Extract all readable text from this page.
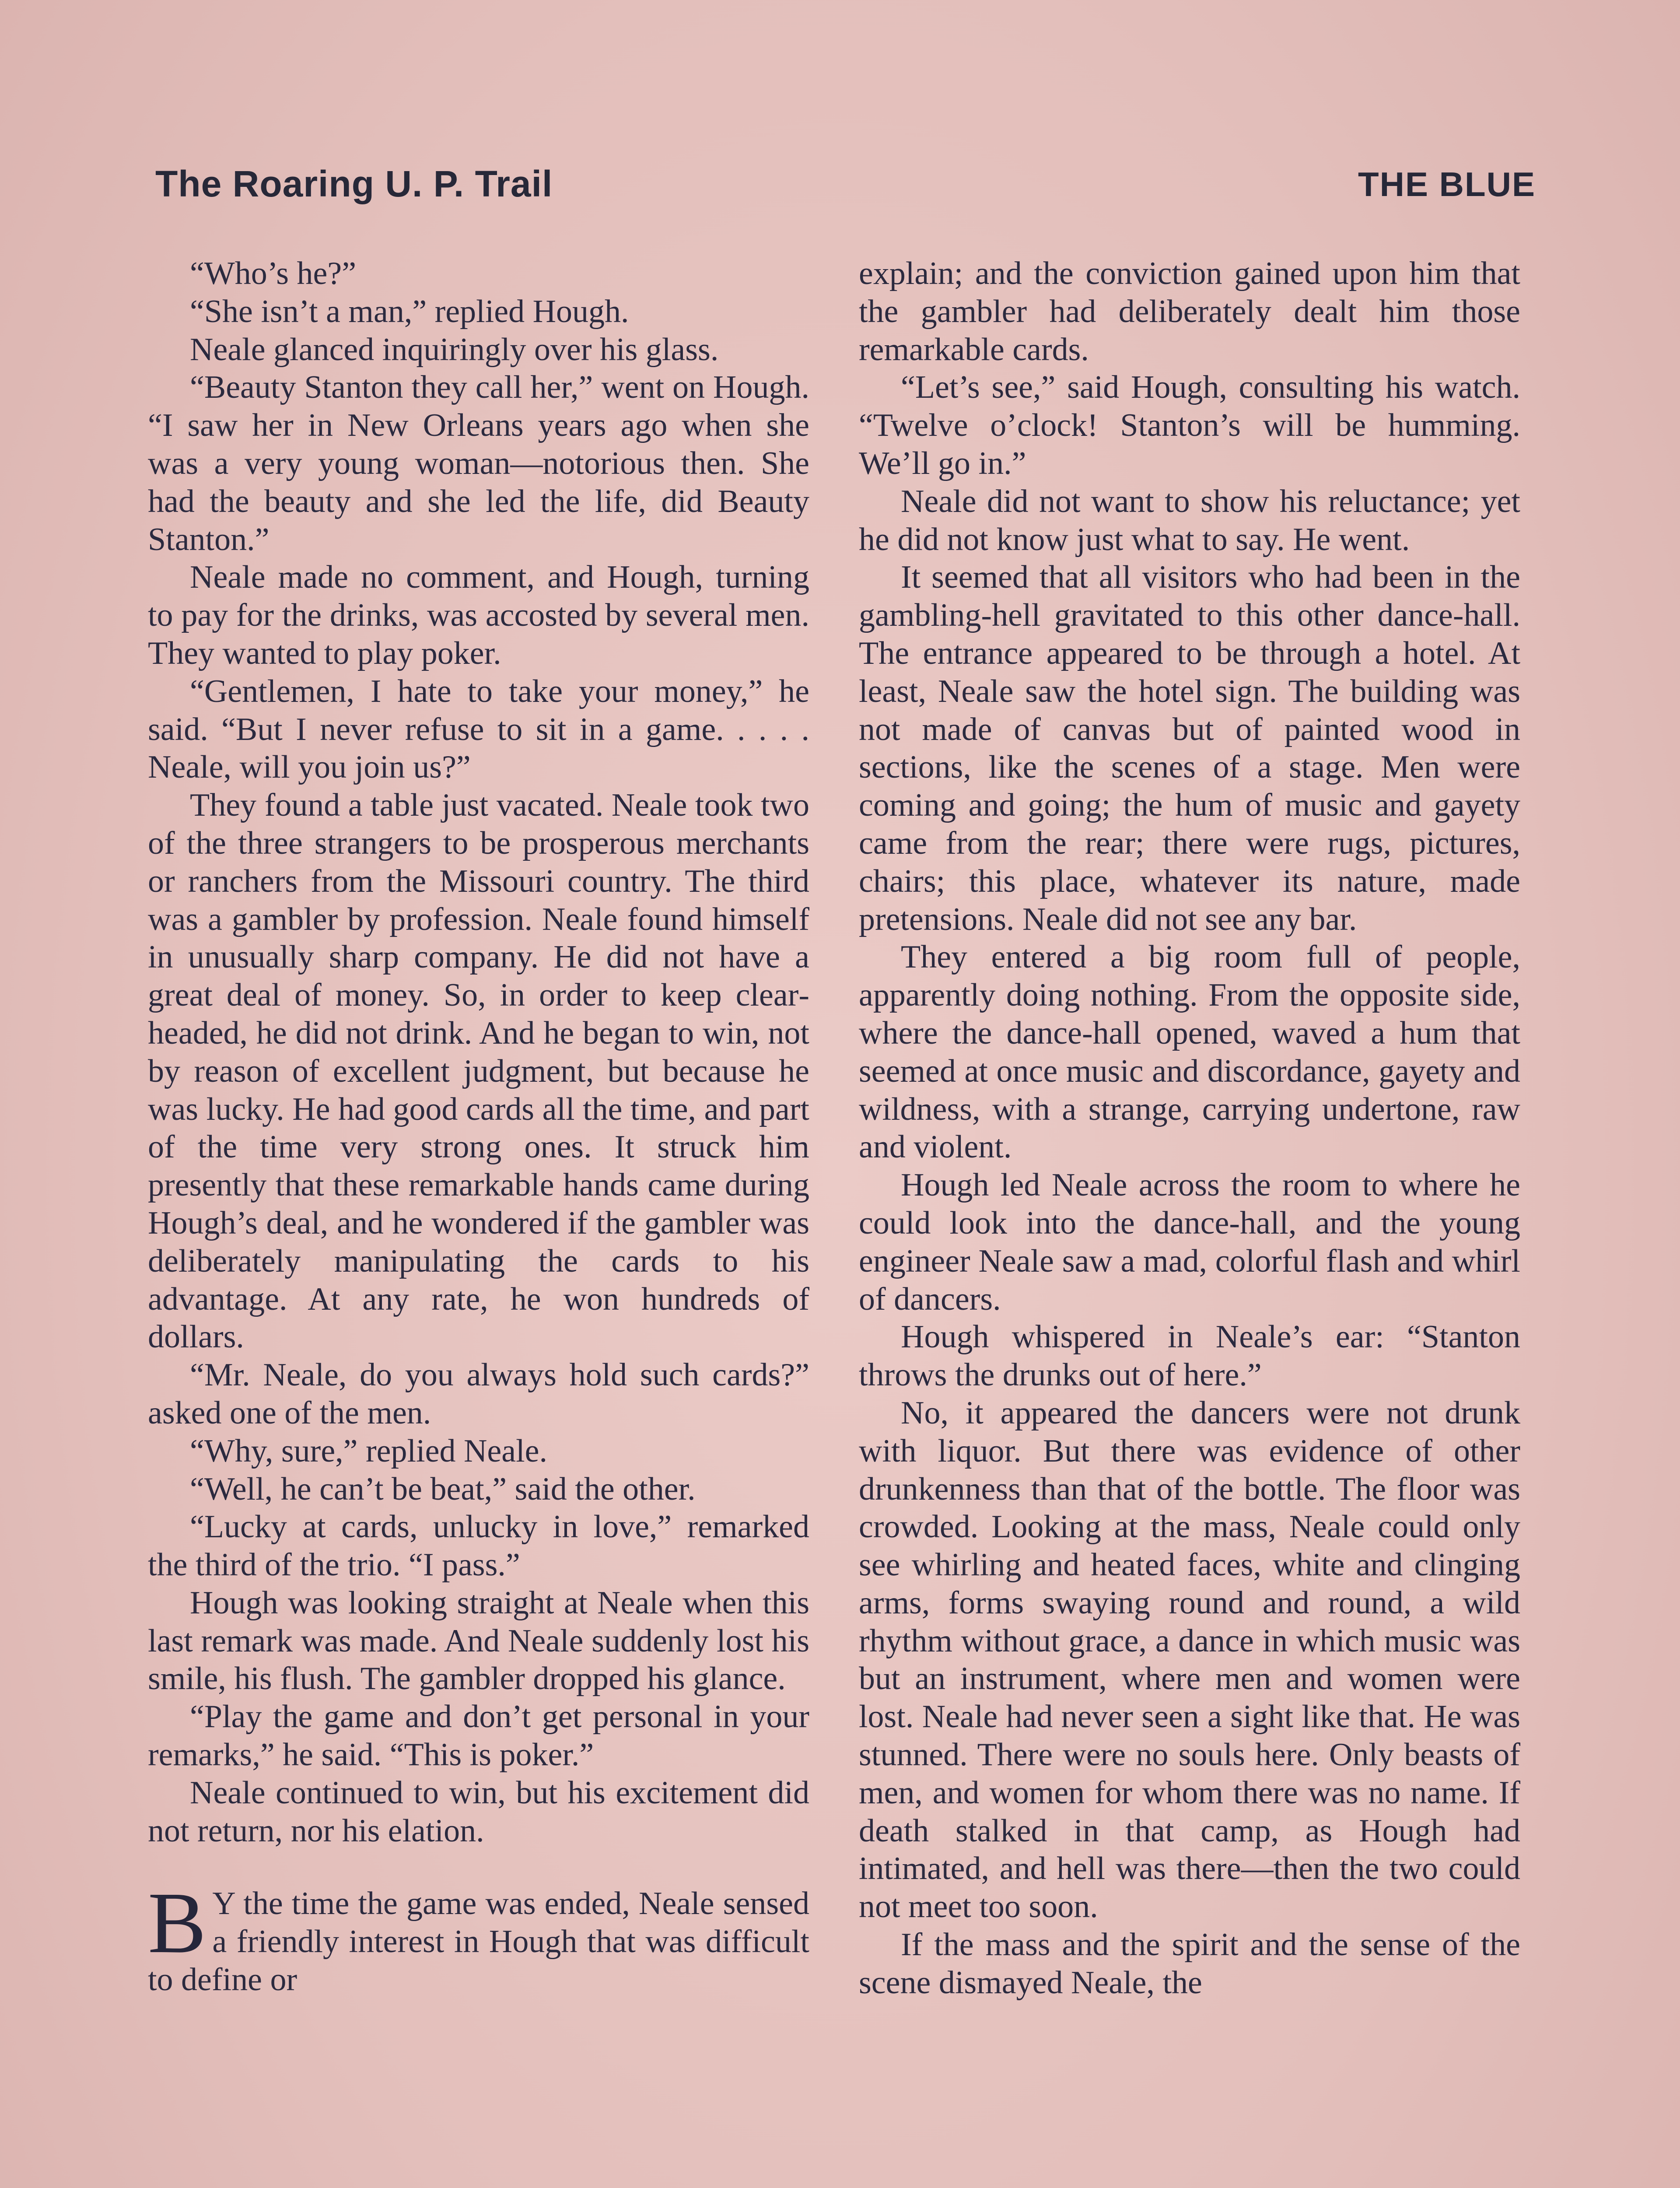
The Roaring U. P. Trail	THE BLUE

“Who’s he?”

“She isn’t a man,” replied Hough.

Neale glanced inquiringly over his glass.

“Beauty Stanton they call her,” went on Hough. “I saw her in New Orleans years ago when she was a very young woman—notorious then. She had the beauty and she led the life, did Beauty Stanton.”

Neale made no comment, and Hough, turning to pay for the drinks, was accosted by several men. They wanted to play poker.

“Gentlemen, I hate to take your money,” he said. “But I never refuse to sit in a game. . . . . Neale, will you join us?”

They found a table just vacated. Neale took two of the three strangers to be prosperous merchants or ranchers from the Missouri country. The third was a gambler by profession. Neale found himself in unusually sharp company. He did not have a great deal of money. So, in order to keep clearheaded, he did not drink. And he began to win, not by reason of excellent judgment, but because he was lucky. He had good cards all the time, and part of the time very strong ones. It struck him presently that these remarkable hands came during Hough’s deal, and he wondered if the gambler was deliberately manipulating the cards to his advantage. At any rate, he won hundreds of dollars.

“Mr. Neale, do you always hold such cards?” asked one of the men.

“Why, sure,” replied Neale.

“Well, he can’t be beat,” said the other.

“Lucky at cards, unlucky in love,” remarked the third of the trio. “I pass.”

Hough was looking straight at Neale when this last remark was made. And Neale suddenly lost his smile, his flush. The gambler dropped his glance.

“Play the game and don’t get personal in your remarks,” he said. “This is poker.”

Neale continued to win, but his excitement did not return, nor his elation.

B Y the time the game was ended, Neale sensed a friendly interest in Hough that was difficult to define or

explain; and the conviction gained upon him that the gambler had deliberately dealt him those remarkable cards.

“Let’s see,” said Hough, consulting his watch. “Twelve o’clock! Stanton’s will be humming. We’ll go in.”

Neale did not want to show his reluctance; yet he did not know just what to say. He went.

It seemed that all visitors who had been in the gambling-hell gravitated to this other dance-hall. The entrance appeared to be through a hotel. At least, Neale saw the hotel sign. The building was not made of canvas but of painted wood in sections, like the scenes of a stage. Men were coming and going; the hum of music and gayety came from the rear; there were rugs, pictures, chairs; this place, whatever its nature, made pretensions. Neale did not see any bar.

They entered a big room full of people, apparently doing nothing. From the opposite side, where the dance-hall opened, waved a hum that seemed at once music and discordance, gayety and wildness, with a strange, carrying undertone, raw and violent.

Hough led Neale across the room to where he could look into the dance-hall, and the young engineer Neale saw a mad, colorful flash and whirl of dancers.

Hough whispered in Neale’s ear: “Stanton throws the drunks out of here.”

No, it appeared the dancers were not drunk with liquor. But there was evidence of other drunkenness than that of the bottle. The floor was crowded. Looking at the mass, Neale could only see whirling and heated faces, white and clinging arms, forms swaying round and round, a wild rhythm without grace, a dance in which music was but an instrument, where men and women were lost. Neale had never seen a sight like that. He was stunned. There were no souls here. Only beasts of men, and women for whom there was no name. If death stalked in that camp, as Hough had intimated, and hell was there—then the two could not meet too soon.

If the mass and the spirit and the sense of the scene dismayed Neale, the
